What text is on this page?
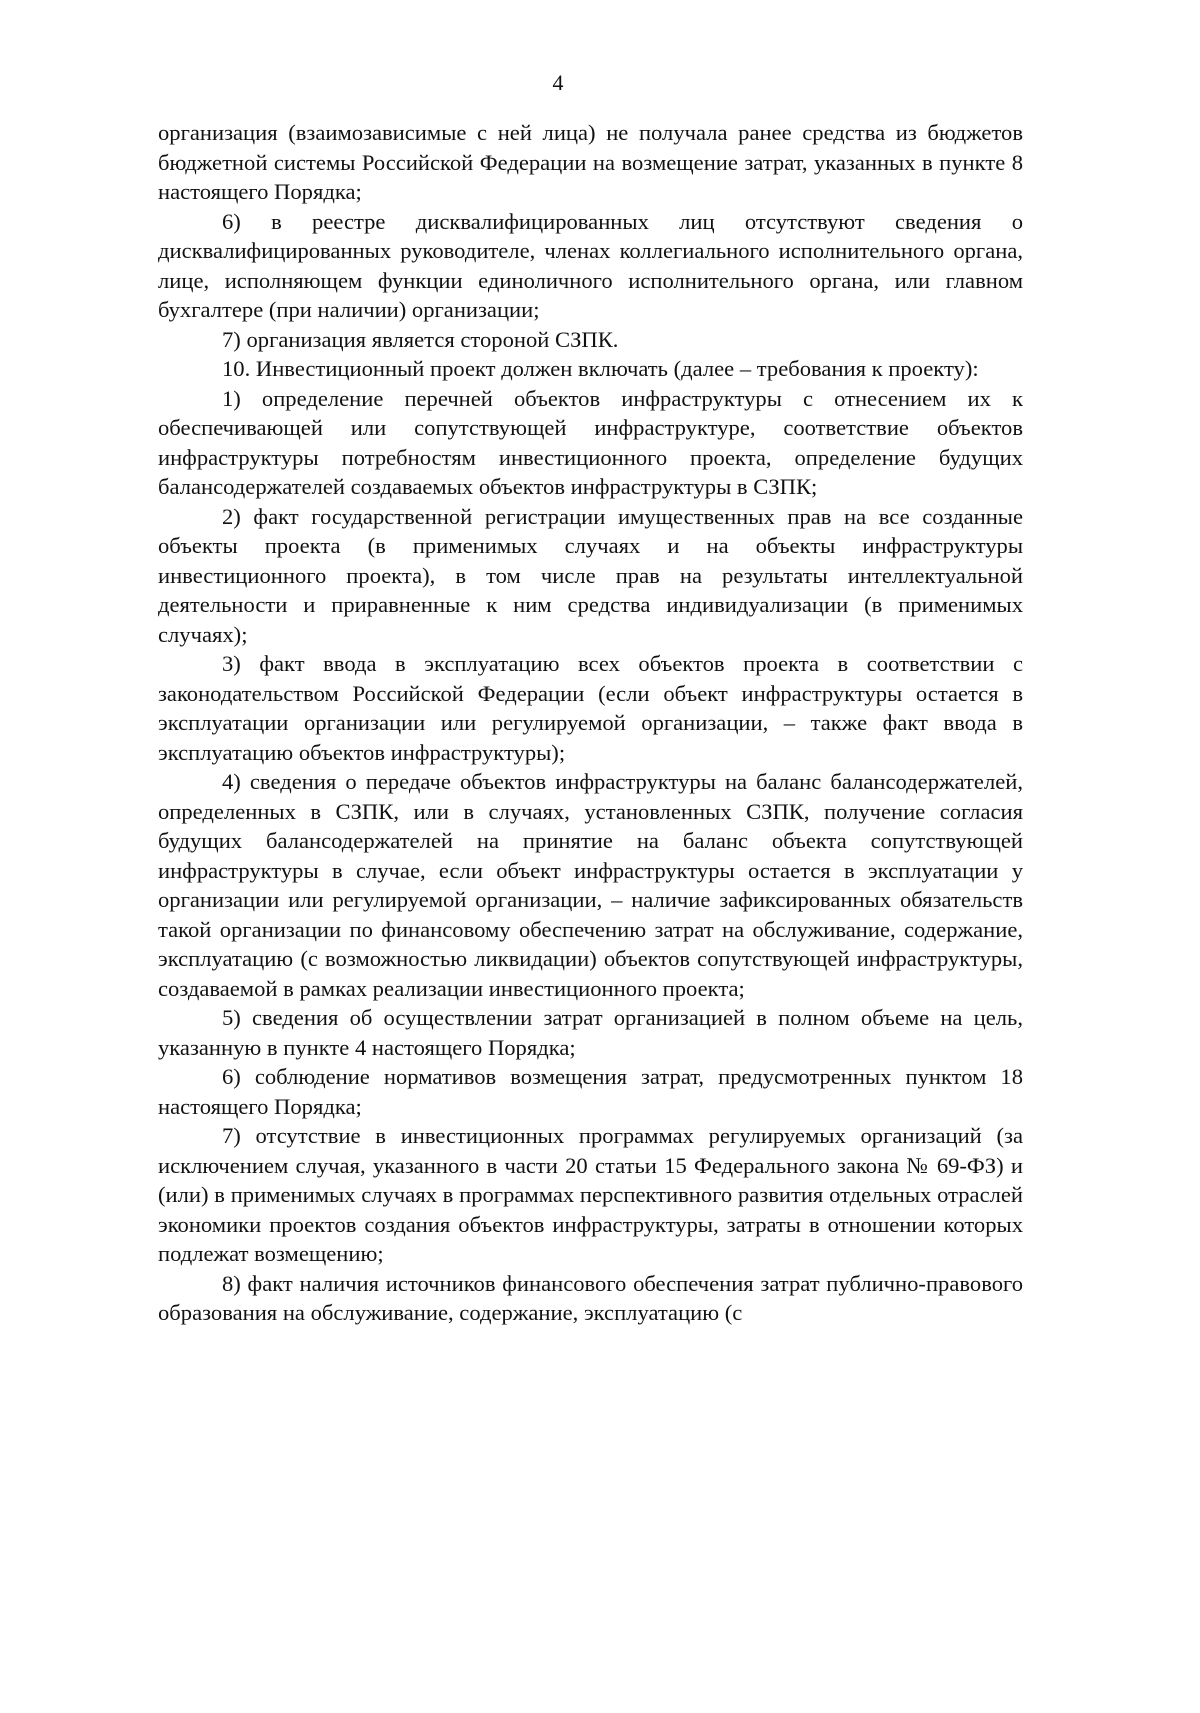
4

организация (взаимозависимые с ней лица) не получала ранее средства из бюджетов бюджетной системы Российской Федерации на возмещение затрат, указанных в пункте 8 настоящего Порядка;

6) в реестре дисквалифицированных лиц отсутствуют сведения о дисквалифицированных руководителе, членах коллегиального исполнительного органа, лице, исполняющем функции единоличного исполнительного органа, или главном бухгалтере (при наличии) организации;

7) организация является стороной СЗПК.

10. Инвестиционный проект должен включать (далее – требования к проекту):

1) определение перечней объектов инфраструктуры с отнесением их к обеспечивающей или сопутствующей инфраструктуре, соответствие объектов инфраструктуры потребностям инвестиционного проекта, определение будущих балансодержателей создаваемых объектов инфраструктуры в СЗПК;

2) факт государственной регистрации имущественных прав на все созданные объекты проекта (в применимых случаях и на объекты инфраструктуры инвестиционного проекта), в том числе прав на результаты интеллектуальной деятельности и приравненные к ним средства индивидуализации (в применимых случаях);

3) факт ввода в эксплуатацию всех объектов проекта в соответствии с законодательством Российской Федерации (если объект инфраструктуры остается в эксплуатации организации или регулируемой организации, – также факт ввода в эксплуатацию объектов инфраструктуры);

4) сведения о передаче объектов инфраструктуры на баланс балансодержателей, определенных в СЗПК, или в случаях, установленных СЗПК, получение согласия будущих балансодержателей на принятие на баланс объекта сопутствующей инфраструктуры в случае, если объект инфраструктуры остается в эксплуатации у организации или регулируемой организации, – наличие зафиксированных обязательств такой организации по финансовому обеспечению затрат на обслуживание, содержание, эксплуатацию (с возможностью ликвидации) объектов сопутствующей инфраструктуры, создаваемой в рамках реализации инвестиционного проекта;

5) сведения об осуществлении затрат организацией в полном объеме на цель, указанную в пункте 4 настоящего Порядка;

6) соблюдение нормативов возмещения затрат, предусмотренных пунктом 18 настоящего Порядка;

7) отсутствие в инвестиционных программах регулируемых организаций (за исключением случая, указанного в части 20 статьи 15 Федерального закона № 69-ФЗ) и (или) в применимых случаях в программах перспективного развития отдельных отраслей экономики проектов создания объектов инфраструктуры, затраты в отношении которых подлежат возмещению;

8) факт наличия источников финансового обеспечения затрат публично-правового образования на обслуживание, содержание, эксплуатацию (с
